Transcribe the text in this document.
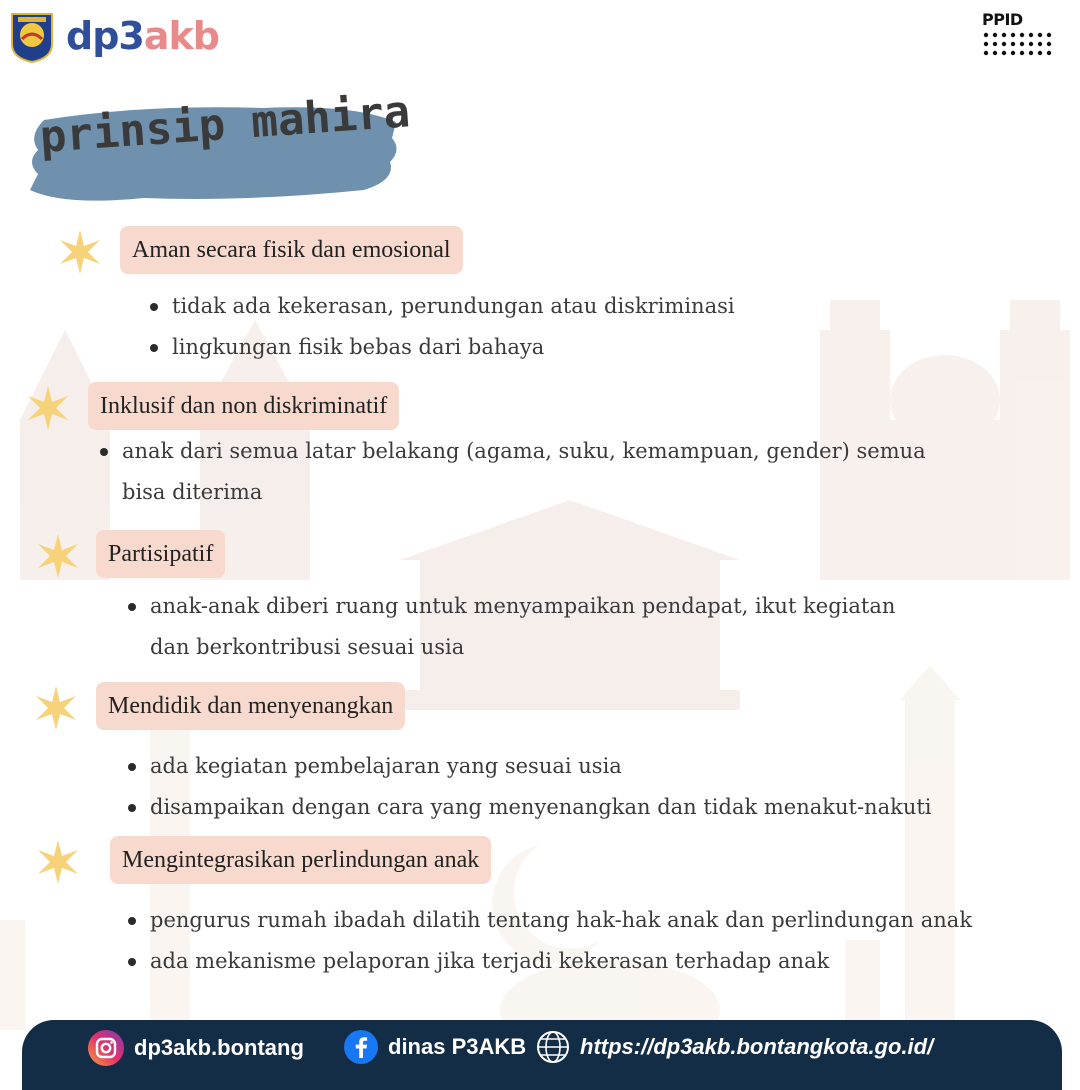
dp3akb	PPID
prinsip mahira
Aman secara fisik dan emosional
tidak ada kekerasan, perundungan atau diskriminasi
lingkungan fisik bebas dari bahaya
Inklusif dan non diskriminatif
anak dari semua latar belakang (agama, suku, kemampuan, gender) semua bisa diterima
Partisipatif
anak-anak diberi ruang untuk menyampaikan pendapat, ikut kegiatan dan berkontribusi sesuai usia
Mendidik dan menyenangkan
ada kegiatan pembelajaran yang sesuai usia
disampaikan dengan cara yang menyenangkan dan tidak menakut-nakuti
Mengintegrasikan perlindungan anak
pengurus rumah ibadah dilatih tentang hak-hak anak dan perlindungan anak
ada mekanisme pelaporan jika terjadi kekerasan terhadap anak
dp3akb.bontang	dinas P3AKB https://dp3akb.bontangkota.go.id/
